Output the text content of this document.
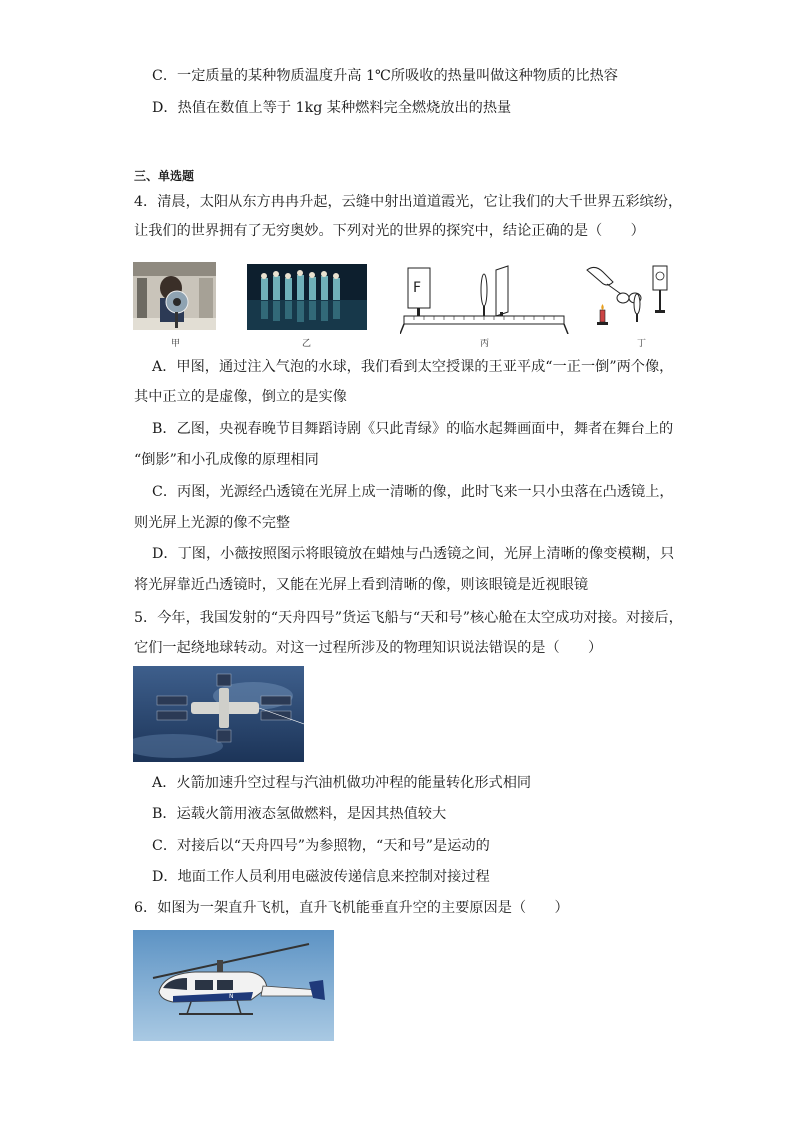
C．一定质量的某种物质温度升高 1℃所吸收的热量叫做这种物质的比热容
D．热值在数值上等于 1kg 某种燃料完全燃烧放出的热量
三、单选题
4．清晨，太阳从东方冉冉升起，云缝中射出道道霞光，它让我们的大千世界五彩缤纷，
让我们的世界拥有了无穷奥妙。下列对光的世界的探究中，结论正确的是（　　）
甲	乙
F
丙	丁
A．甲图，通过注入气泡的水球，我们看到太空授课的王亚平成“一正一倒”两个像，
其中正立的是虚像，倒立的是实像
B．乙图，央视春晚节目舞蹈诗剧《只此青绿》的临水起舞画面中，舞者在舞台上的
“倒影”和小孔成像的原理相同
C．丙图，光源经凸透镜在光屏上成一清晰的像，此时飞来一只小虫落在凸透镜上，
则光屏上光源的像不完整
D．丁图，小薇按照图示将眼镜放在蜡烛与凸透镜之间，光屏上清晰的像变模糊，只
将光屏靠近凸透镜时，又能在光屏上看到清晰的像，则该眼镜是近视眼镜
5．今年，我国发射的“天舟四号”货运飞船与“天和号”核心舱在太空成功对接。对接后，
它们一起绕地球转动。对这一过程所涉及的物理知识说法错误的是（　　）
A．火箭加速升空过程与汽油机做功冲程的能量转化形式相同
B．运载火箭用液态氢做燃料，是因其热值较大
C．对接后以“天舟四号”为参照物，“天和号”是运动的
D．地面工作人员利用电磁波传递信息来控制对接过程
6．如图为一架直升飞机，直升飞机能垂直升空的主要原因是（　　）
N
